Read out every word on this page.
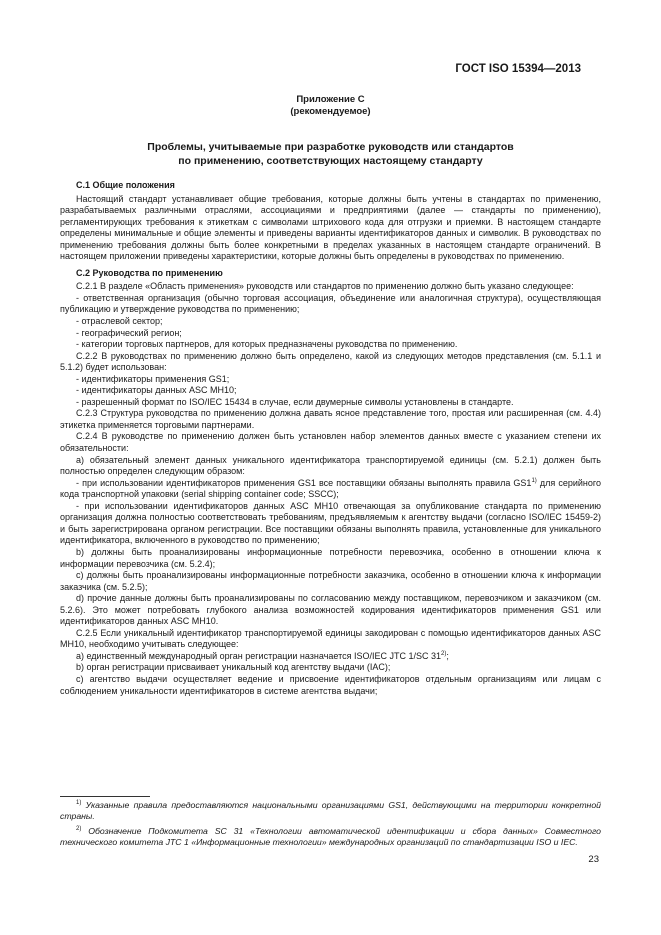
ГОСТ ISO 15394—2013
Приложение С
(рекомендуемое)
Проблемы, учитываемые при разработке руководств или стандартов
по применению, соответствующих настоящему стандарту

С.1 Общие положения

Настоящий стандарт устанавливает общие требования, которые должны быть учтены в стандартах по применению, разрабатываемых различными отраслями, ассоциациями и предприятиями (далее — стандарты по применению), регламентирующих требования к этикеткам с символами штрихового кода для отгрузки и приемки. В настоящем стандарте определены минимальные и общие элементы и приведены варианты идентификаторов данных и символик. В руководствах по применению требования должны быть более конкретными в пределах указанных в настоящем стандарте ограничений. В настоящем приложении приведены характеристики, которые должны быть определены в руководствах по применению.

С.2 Руководства по применению

С.2.1 В разделе «Область применения» руководств или стандартов по применению должно быть указано следующее:

- ответственная организация (обычно торговая ассоциация, объединение или аналогичная структура), осуществляющая публикацию и утверждение руководства по применению;

- отраслевой сектор;

- географический регион;

- категории торговых партнеров, для которых предназначены руководства по применению.

С.2.2 В руководствах по применению должно быть определено, какой из следующих методов представления (см. 5.1.1 и 5.1.2) будет использован:

- идентификаторы применения GS1;

- идентификаторы данных ASC MH10;

- разрешенный формат по ISO/IEC 15434 в случае, если двумерные символы установлены в стандарте.

С.2.3 Структура руководства по применению должна давать ясное представление того, простая или расширенная (см. 4.4) этикетка применяется торговыми партнерами.

С.2.4 В руководстве по применению должен быть установлен набор элементов данных вместе с указанием степени их обязательности:

а) обязательный элемент данных уникального идентификатора транспортируемой единицы (см. 5.2.1) должен быть полностью определен следующим образом:

- при использовании идентификаторов применения GS1 все поставщики обязаны выполнять правила GS1$^{1)}$ для серийного кода транспортной упаковки (serial shipping container code; SSCC);

- при использовании идентификаторов данных ASC MH10 отвечающая за опубликование стандарта по применению организация должна полностью соответствовать требованиям, предъявляемым к агентству выдачи (согласно ISO/IEC 15459-2) и быть зарегистрирована органом регистрации. Все поставщики обязаны выполнять правила, установленные для уникального идентификатора, включенного в руководство по применению;

b) должны быть проанализированы информационные потребности перевозчика, особенно в отношении ключа к информации перевозчика (см. 5.2.4);

с) должны быть проанализированы информационные потребности заказчика, особенно в отношении ключа к информации заказчика (см. 5.2.5);

d) прочие данные должны быть проанализированы по согласованию между поставщиком, перевозчиком и заказчиком (см. 5.2.6). Это может потребовать глубокого анализа возможностей кодирования идентификаторов применения GS1 или идентификаторов данных ASC MH10.

С.2.5 Если уникальный идентификатор транспортируемой единицы закодирован с помощью идентификаторов данных ASC MH10, необходимо учитывать следующее:

а) единственный международный орган регистрации назначается ISO/IEC JTC 1/SC 31$^{2)}$;

b) орган регистрации присваивает уникальный код агентству выдачи (IAC);

с) агентство выдачи осуществляет ведение и присвоение идентификаторов отдельным организациям или лицам с соблюдением уникальности идентификаторов в системе агентства выдачи;

$^{1)}$ Указанные правила предоставляются национальными организациями GS1, действующими на территории конкретной страны.

$^{2)}$ Обозначение Подкомитета SC 31 «Технологии автоматической идентификации и сбора данных» Совместного технического комитета JTC 1 «Информационные технологии» международных организаций по стандартизации ISO и IEC.

23
